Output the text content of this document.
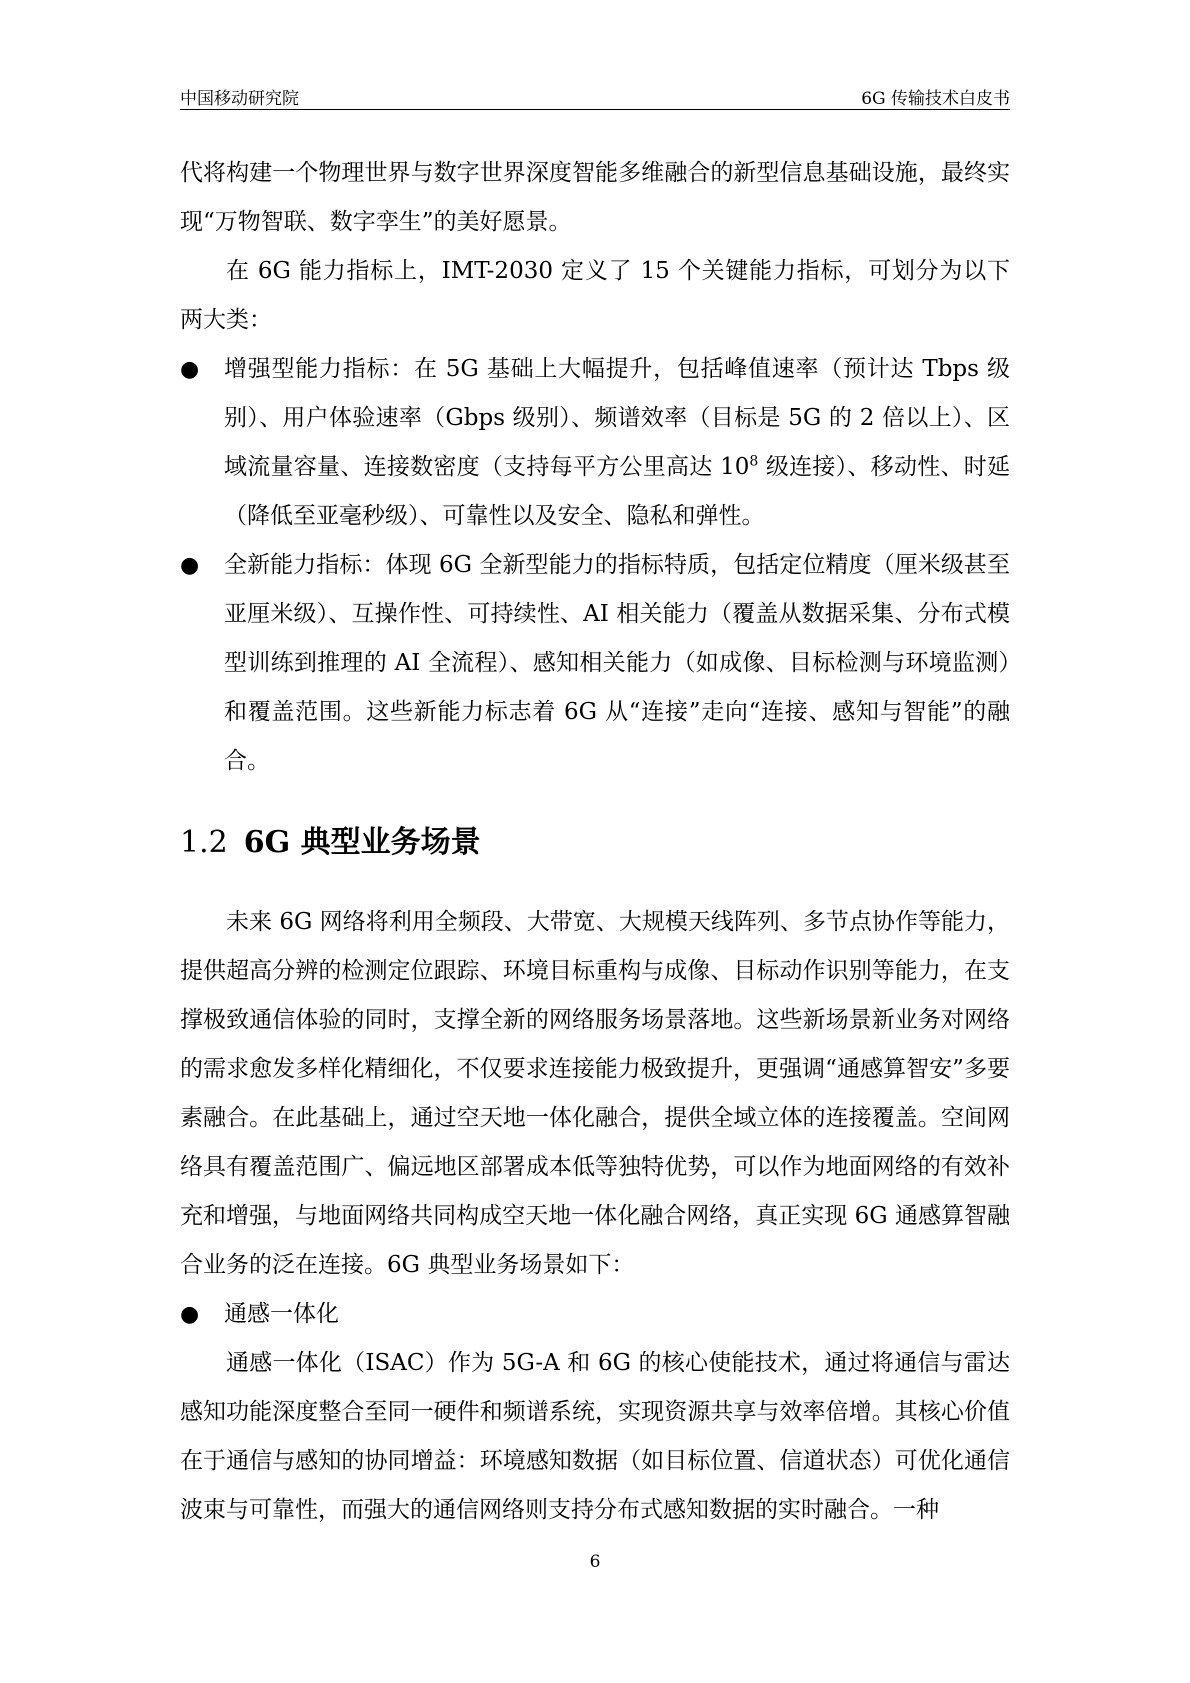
中国移动研究院	6G 传输技术白皮书

代将构建一个物理世界与数字世界深度智能多维融合的新型信息基础设施，最终实现“万物智联、数字孪生”的美好愿景。

在 6G 能力指标上，IMT-2030 定义了 15 个关键能力指标，可划分为以下两大类：

● 增强型能力指标：在 5G 基础上大幅提升，包括峰值速率（预计达 Tbps 级别）、用户体验速率（Gbps 级别）、频谱效率（目标是 5G 的 2 倍以上）、区域流量容量、连接数密度（支持每平方公里高达 $10^8$ 级连接）、移动性、时延（降低至亚毫秒级）、可靠性以及安全、隐私和弹性。

● 全新能力指标：体现 6G 全新型能力的指标特质，包括定位精度（厘米级甚至亚厘米级）、互操作性、可持续性、AI 相关能力（覆盖从数据采集、分布式模型训练到推理的 AI 全流程）、感知相关能力（如成像、目标检测与环境监测）和覆盖范围。这些新能力标志着 6G 从“连接”走向“连接、感知与智能”的融合。

1.2 6G 典型业务场景

未来 6G 网络将利用全频段、大带宽、大规模天线阵列、多节点协作等能力，提供超高分辨的检测定位跟踪、环境目标重构与成像、目标动作识别等能力，在支撑极致通信体验的同时，支撑全新的网络服务场景落地。这些新场景新业务对网络的需求愈发多样化精细化，不仅要求连接能力极致提升，更强调“通感算智安”多要素融合。在此基础上，通过空天地一体化融合，提供全域立体的连接覆盖。空间网络具有覆盖范围广、偏远地区部署成本低等独特优势，可以作为地面网络的有效补充和增强，与地面网络共同构成空天地一体化融合网络，真正实现 6G 通感算智融合业务的泛在连接。6G 典型业务场景如下：

● 通感一体化

通感一体化（ISAC）作为 5G-A 和 6G 的核心使能技术，通过将通信与雷达感知功能深度整合至同一硬件和频谱系统，实现资源共享与效率倍增。其核心价值在于通信与感知的协同增益：环境感知数据（如目标位置、信道状态）可优化通信波束与可靠性，而强大的通信网络则支持分布式感知数据的实时融合。一种

6
